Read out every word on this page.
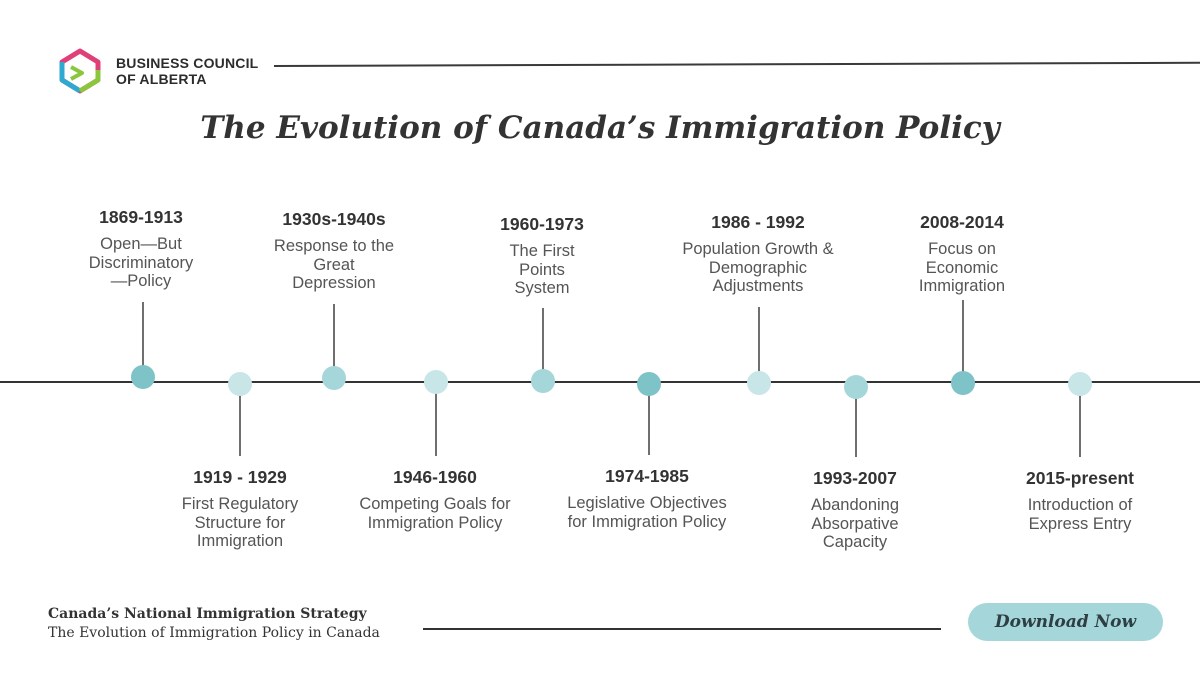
BUSINESS COUNCIL
OF ALBERTA
The Evolution of Canada’s Immigration Policy
1869-1913
Open—But Discriminatory—Policy
1919 - 1929
First Regulatory Structure for Immigration
1930s-1940s
Response to the Great Depression
1946-1960
Competing Goals for Immigration Policy
1960-1973
The First Points System
1974-1985
Legislative Objectives for Immigration Policy
1986 - 1992
Population Growth & Demographic Adjustments
1993-2007
Abandoning Absorpative Capacity
2008-2014
Focus on Economic Immigration
2015-present
Introduction of Express Entry
Canada’s National Immigration Strategy
The Evolution of Immigration Policy in Canada
Download Now
